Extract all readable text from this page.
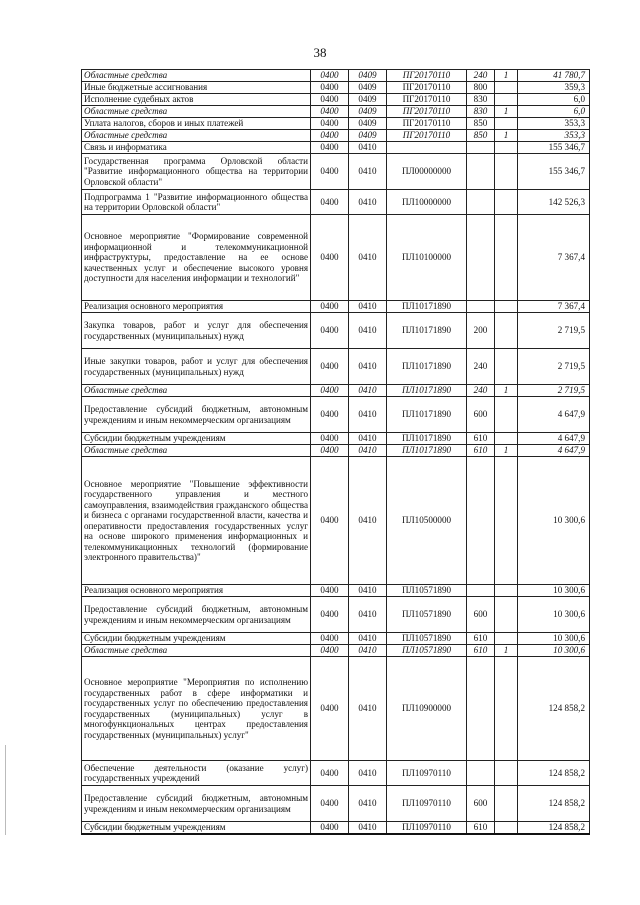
38
Областные средства	0400	0409	ПГ20170110	240	1	41 780,7
Иные бюджетные ассигнования	0400	0409	ПГ20170110	800		359,3
Исполнение судебных актов	0400	0409	ПГ20170110	830		6,0
Областные средства	0400	0409	ПГ20170110	830	1	6,0
Уплата налогов, сборов и иных платежей	0400	0409	ПГ20170110	850		353,3
Областные средства	0400	0409	ПГ20170110	850	1	353,3
Связь и информатика	0400	0410				155 346,7
Государственная программа Орловской области "Развитие информационного общества на территории Орловской области"	0400	0410	ПЛ00000000			155 346,7
Подпрограмма 1 "Развитие информационного общества на территории Орловской области"	0400	0410	ПЛ10000000			142 526,3
Основное мероприятие "Формирование современной информационной и телекоммуникационной инфраструктуры, предоставление на ее основе качественных услуг и обеспечение высокого уровня доступности для населения информации и технологий"	0400	0410	ПЛ10100000			7 367,4
Реализация основного мероприятия	0400	0410	ПЛ10171890			7 367,4
Закупка товаров, работ и услуг для обеспечения государственных (муниципальных) нужд	0400	0410	ПЛ10171890	200		2 719,5
Иные закупки товаров, работ и услуг для обеспечения государственных (муниципальных) нужд	0400	0410	ПЛ10171890	240		2 719,5
Областные средства	0400	0410	ПЛ10171890	240	1	2 719,5
Предоставление субсидий бюджетным, автономным учреждениям и иным некоммерческим организациям	0400	0410	ПЛ10171890	600		4 647,9
Субсидии бюджетным учреждениям	0400	0410	ПЛ10171890	610		4 647,9
Областные средства	0400	0410	ПЛ10171890	610	1	4 647,9
Основное мероприятие "Повышение эффективности государственного управления и местного самоуправления, взаимодействия гражданского общества и бизнеса с органами государственной власти, качества и оперативности предоставления государственных услуг на основе широкого применения информационных и телекоммуникационных технологий (формирование электронного правительства)"	0400	0410	ПЛ10500000			10 300,6
Реализация основного мероприятия	0400	0410	ПЛ10571890			10 300,6
Предоставление субсидий бюджетным, автономным учреждениям и иным некоммерческим организациям	0400	0410	ПЛ10571890	600		10 300,6
Субсидии бюджетным учреждениям	0400	0410	ПЛ10571890	610		10 300,6
Областные средства	0400	0410	ПЛ10571890	610	1	10 300,6
Основное мероприятие "Мероприятия по исполнению государственных работ в сфере информатики и государственных услуг по обеспечению предоставления государственных (муниципальных) услуг в многофункциональных центрах предоставления государственных (муниципальных) услуг"	0400	0410	ПЛ10900000			124 858,2
Обеспечение деятельности (оказание услуг) государственных учреждений	0400	0410	ПЛ10970110			124 858,2
Предоставление субсидий бюджетным, автономным учреждениям и иным некоммерческим организациям	0400	0410	ПЛ10970110	600		124 858,2
Субсидии бюджетным учреждениям	0400	0410	ПЛ10970110	610		124 858,2
